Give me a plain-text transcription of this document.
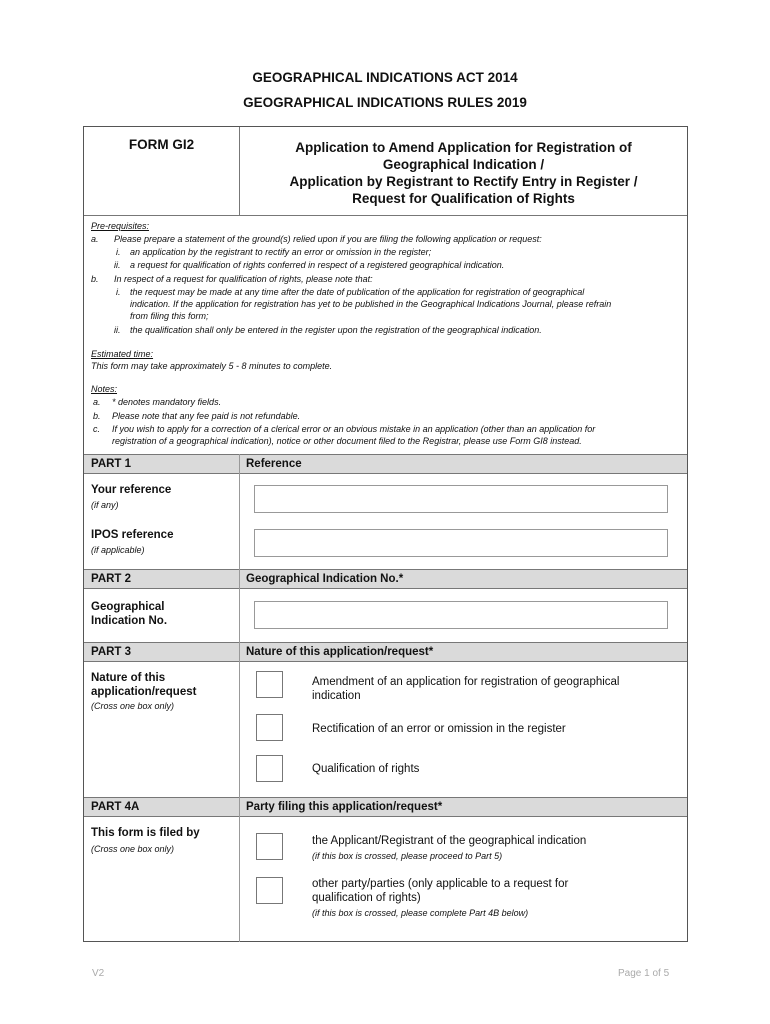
GEOGRAPHICAL INDICATIONS ACT 2014
GEOGRAPHICAL INDICATIONS RULES 2019
FORM GI2	Application to Amend Application for Registration of
Geographical Indication /
Application by Registrant to Rectify Entry in Register /
Request for Qualification of Rights
Pre-requisites:
a. Please prepare a statement of the ground(s) relied upon if you are filing the following application or request:
i. an application by the registrant to rectify an error or omission in the register;
ii. a request for qualification of rights conferred in respect of a registered geographical indication.
b. In respect of a request for qualification of rights, please note that:
i. the request may be made at any time after the date of publication of the application for registration of geographical
indication. If the application for registration has yet to be published in the Geographical Indications Journal, please refrain
from filing this form;
ii. the qualification shall only be entered in the register upon the registration of the geographical indication.
Estimated time:
This form may take approximately 5 - 8 minutes to complete.
Notes:
a. * denotes mandatory fields.
b. Please note that any fee paid is not refundable.
c. If you wish to apply for a correction of a clerical error or an obvious mistake in an application (other than an application for
registration of a geographical indication), notice or other document filed to the Registrar, please use Form GI8 instead.
PART 1	Reference
Your reference
(if any)
IPOS reference
(if applicable)
PART 2	Geographical Indication No.*
Geographical
Indication No.
PART 3	Nature of this application/request*
Nature of this
application/request
(Cross one box only)
Amendment of an application for registration of geographical
indication
Rectification of an error or omission in the register
Qualification of rights
PART 4A	Party filing this application/request*
This form is filed by
(Cross one box only)
the Applicant/Registrant of the geographical indication
(if this box is crossed, please proceed to Part 5)
other party/parties (only applicable to a request for
qualification of rights)
(if this box is crossed, please complete Part 4B below)
V2	Page 1 of 5
